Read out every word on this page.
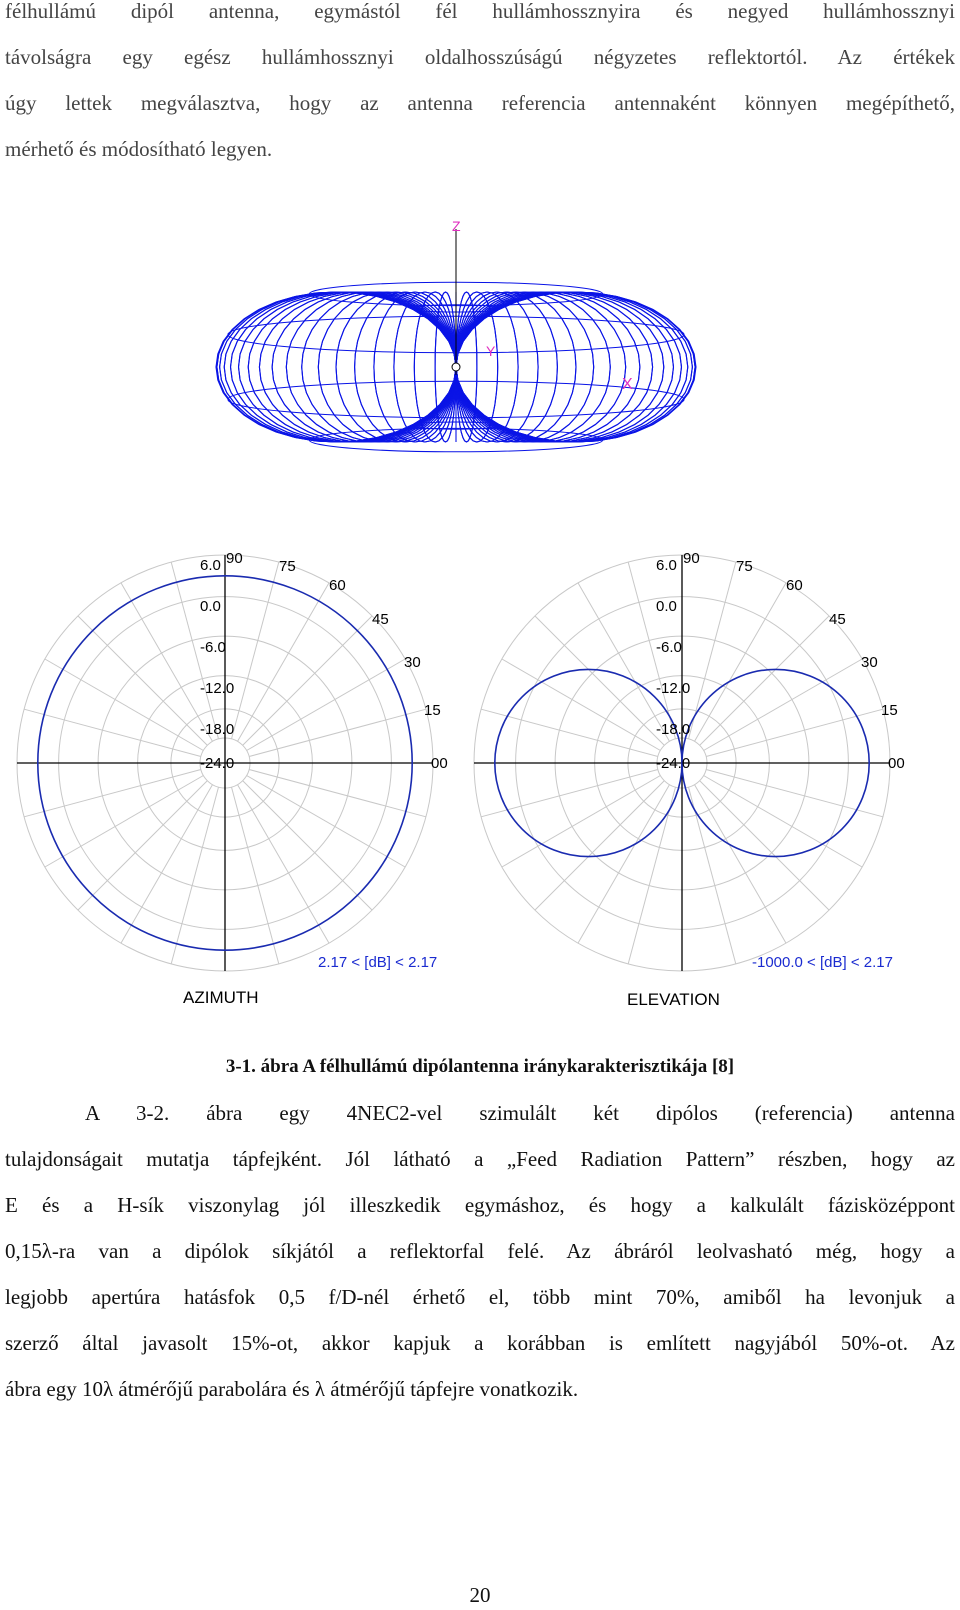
félhullámú dipól antenna, egymástól fél hullámhossznyira és negyed hullámhossznyi
távolságra egy egész hullámhossznyi oldalhosszúságú négyzetes reflektortól. Az értékek
úgy lettek megválasztva, hogy az antenna referencia antennaként könnyen megépíthető,
mérhető és módosítható legyen.
Z
Y
X
6.0
0.0
-6.0
-12.0
-18.0
-24.0
90 75
60
45
30
15
00
2.17 < [dB] < 2.17
AZIMUTH
6.0
0.0
-6.0
-12.0
-18.0
-24.0
90 75
60
45
30
15
00
-1000.0 < [dB] < 2.17
ELEVATION
3-1. ábra A félhullámú dipólantenna iránykarakterisztikája [8]
A 3-2. ábra egy 4NEC2-vel szimulált két dipólos (referencia) antenna
tulajdonságait mutatja tápfejként. Jól látható a „Feed Radiation Pattern” részben, hogy az
E és a H-sík viszonylag jól illeszkedik egymáshoz, és hogy a kalkulált fázisközéppont
0,15λ-ra van a dipólok síkjától a reflektorfal felé. Az ábráról leolvasható még, hogy a
legjobb apertúra hatásfok 0,5 f/D-nél érhető el, több mint 70%, amiből ha levonjuk a
szerző által javasolt 15%-ot, akkor kapjuk a korábban is említett nagyjából 50%-ot. Az
ábra egy 10λ átmérőjű parabolára és λ átmérőjű tápfejre vonatkozik.
20
